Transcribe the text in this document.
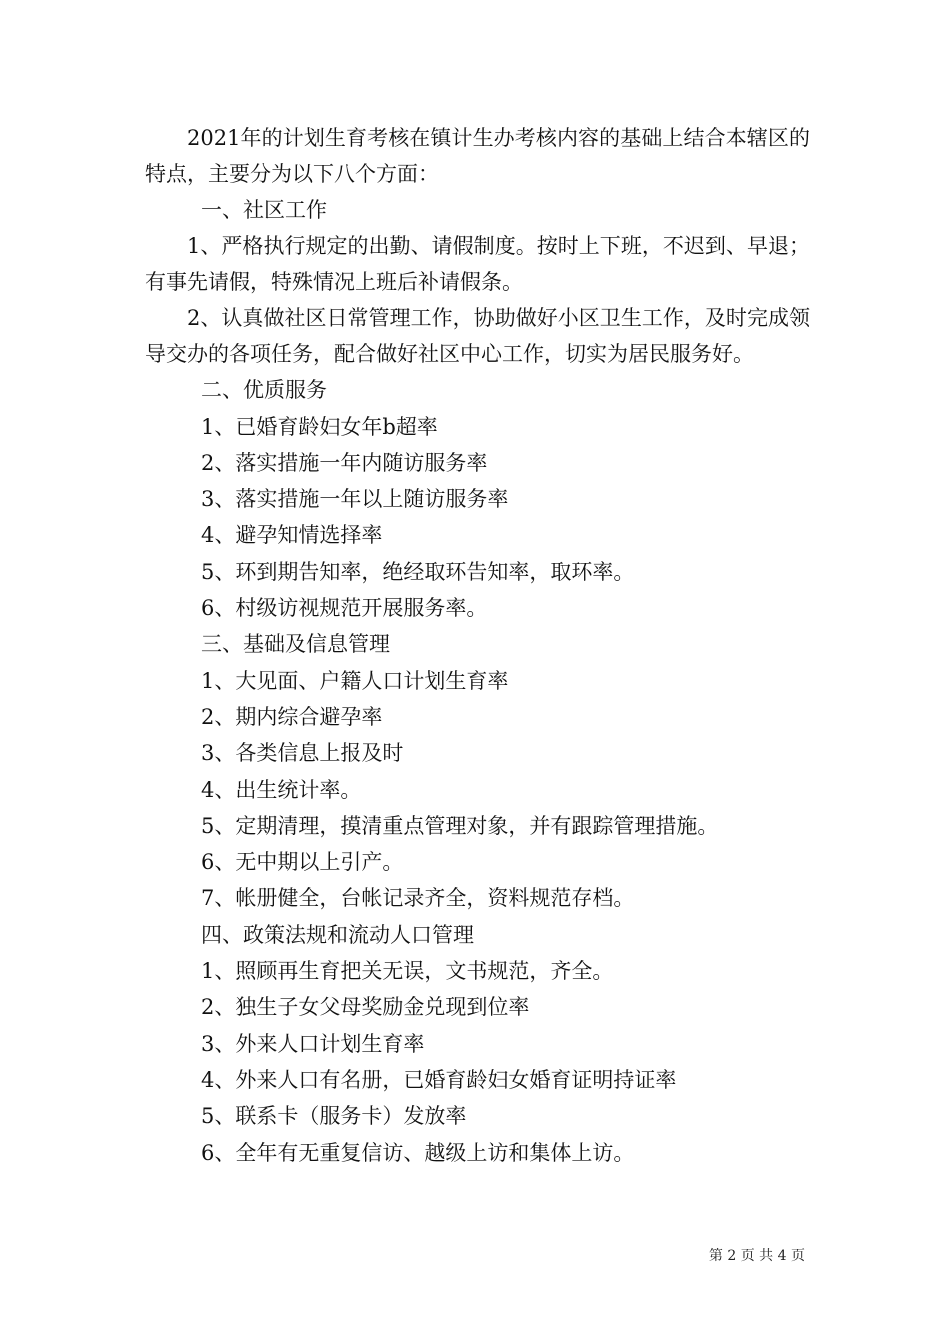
2021年的计划生育考核在镇计生办考核内容的基础上结合本辖区的特点，主要分为以下八个方面：

一、社区工作

1、严格执行规定的出勤、请假制度。按时上下班，不迟到、早退；有事先请假，特殊情况上班后补请假条。

2、认真做社区日常管理工作，协助做好小区卫生工作，及时完成领导交办的各项任务，配合做好社区中心工作，切实为居民服务好。

二、优质服务

1、已婚育龄妇女年b超率

2、落实措施一年内随访服务率

3、落实措施一年以上随访服务率

4、避孕知情选择率

5、环到期告知率，绝经取环告知率，取环率。

6、村级访视规范开展服务率。

三、基础及信息管理

1、大见面、户籍人口计划生育率

2、期内综合避孕率

3、各类信息上报及时

4、出生统计率。

5、定期清理，摸清重点管理对象，并有跟踪管理措施。

6、无中期以上引产。

7、帐册健全，台帐记录齐全，资料规范存档。

四、政策法规和流动人口管理

1、照顾再生育把关无误，文书规范，齐全。

2、独生子女父母奖励金兑现到位率

3、外来人口计划生育率

4、外来人口有名册，已婚育龄妇女婚育证明持证率

5、联系卡（服务卡）发放率

6、全年有无重复信访、越级上访和集体上访。

第 2 页 共 4 页
